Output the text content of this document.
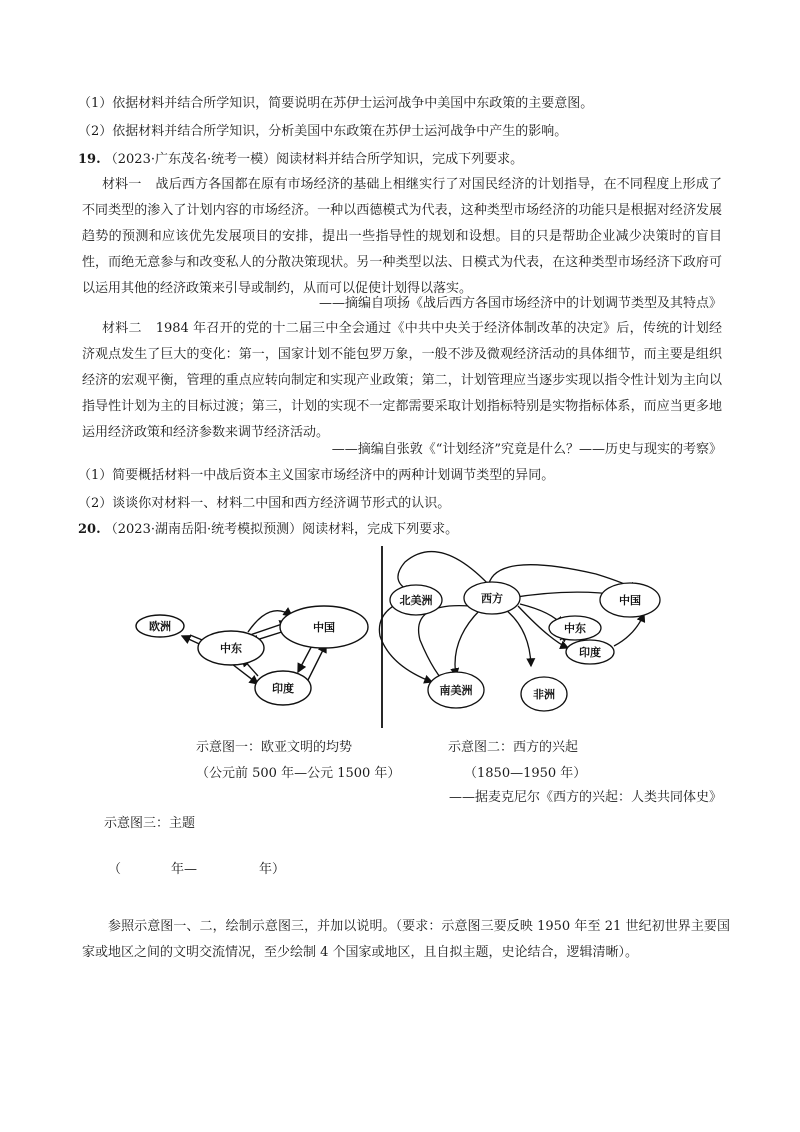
（1）依据材料并结合所学知识，简要说明在苏伊士运河战争中美国中东政策的主要意图。
（2）依据材料并结合所学知识，分析美国中东政策在苏伊士运河战争中产生的影响。
19. （2023·广东茂名·统考一模）阅读材料并结合所学知识，完成下列要求。
材料一 战后西方各国都在原有市场经济的基础上相继实行了对国民经济的计划指导，在不同程度上形成了不同类型的渗入了计划内容的市场经济。一种以西德模式为代表，这种类型市场经济的功能只是根据对经济发展趋势的预测和应该优先发展项目的安排，提出一些指导性的规划和设想。目的只是帮助企业减少决策时的盲目性，而绝无意参与和改变私人的分散决策现状。另一种类型以法、日模式为代表，在这种类型市场经济下政府可以运用其他的经济政策来引导或制约，从而可以促使计划得以落实。
——摘编自项扬《战后西方各国市场经济中的计划调节类型及其特点》
材料二 1984 年召开的党的十二届三中全会通过《中共中央关于经济体制改革的决定》后，传统的计划经济观点发生了巨大的变化：第一，国家计划不能包罗万象，一般不涉及微观经济活动的具体细节，而主要是组织经济的宏观平衡，管理的重点应转向制定和实现产业政策；第二，计划管理应当逐步实现以指令性计划为主向以指导性计划为主的目标过渡；第三，计划的实现不一定都需要采取计划指标特别是实物指标体系，而应当更多地运用经济政策和经济参数来调节经济活动。
——摘编自张敦《“计划经济”究竟是什么？——历史与现实的考察》
（1）简要概括材料一中战后资本主义国家市场经济中的两种计划调节类型的异同。
（2）谈谈你对材料一、材料二中国和西方经济调节形式的认识。
20. （2023·湖南岳阳·统考模拟预测）阅读材料，完成下列要求。
欧洲
中东
中国
印度
北美洲	西方	中国
中东
印度
南美洲	非洲
示意图一：欧亚文明的均势
（公元前 500 年—公元 1500 年）
示意图二：西方的兴起
（1850—1950 年）
——据麦克尼尔《西方的兴起：人类共同体史》
示意图三：主题
（	年—	年）
参照示意图一、二，绘制示意图三，并加以说明。（要求：示意图三要反映 1950 年至 21 世纪初世界主要国家或地区之间的文明交流情况，至少绘制 4 个国家或地区，且自拟主题，史论结合，逻辑清晰）。
